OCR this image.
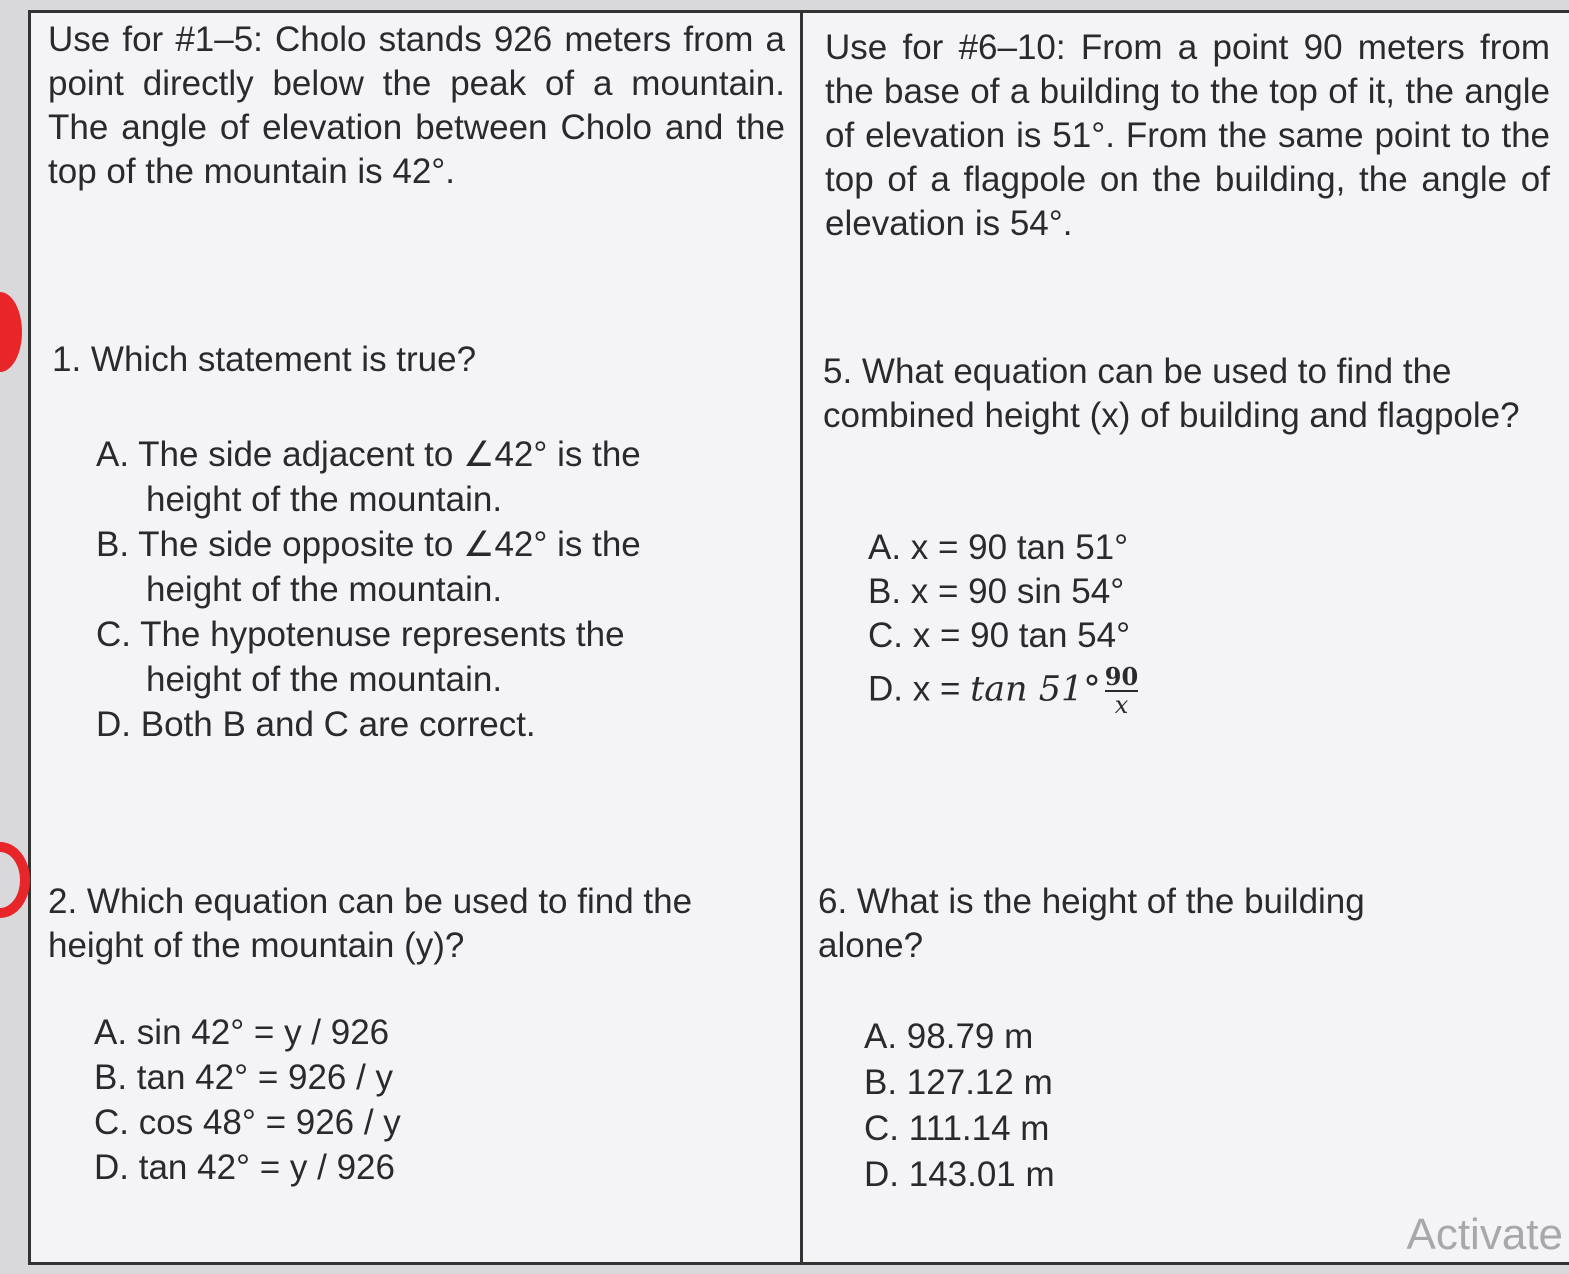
Use for #1–5: Cholo stands 926 meters from a point directly below the peak of a mountain. The angle of elevation between Cholo and the top of the mountain is 42°.
1. Which statement is true?
A. The side adjacent to ∠42° is the
height of the mountain.
B. The side opposite to ∠42° is the
height of the mountain.
C. The hypotenuse represents the
height of the mountain.
D. Both B and C are correct.
2. Which equation can be used to find the height of the mountain (y)?
A. sin 42° = y / 926
B. tan 42° = 926 / y
C. cos 48° = 926 / y
D. tan 42° = y / 926
Use for #6–10: From a point 90 meters from the base of a building to the top of it, the angle of elevation is 51°. From the same point to the top of a flagpole on the building, the angle of elevation is 54°.
5. What equation can be used to find the combined height (x) of building and flagpole?
A. x = 90 tan 51°
B. x = 90 sin 54°
C. x = 90 tan 54°
D. $x = \tan 51^\circ \frac{90}{x}$
6. What is the height of the building alone?
A. 98.79 m
B. 127.12 m
C. 111.14 m
D. 143.01 m
Activate
